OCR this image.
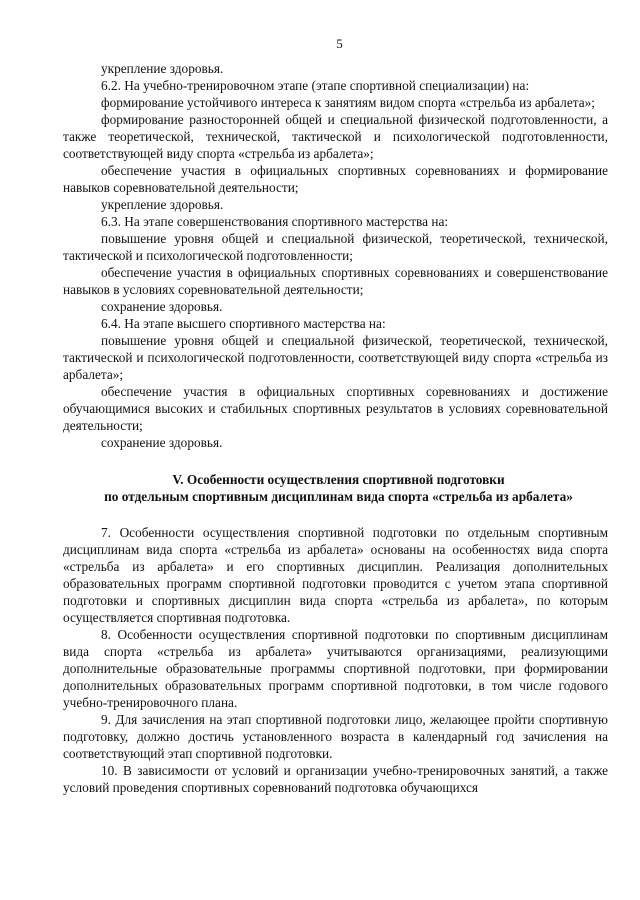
5

укрепление здоровья.

6.2. На учебно-тренировочном этапе (этапе спортивной специализации) на:

формирование устойчивого интереса к занятиям видом спорта «стрельба из арбалета»;

формирование разносторонней общей и специальной физической подготовленности, а также теоретической, технической, тактической и психологической подготовленности, соответствующей виду спорта «стрельба из арбалета»;

обеспечение участия в официальных спортивных соревнованиях и формирование навыков соревновательной деятельности;

укрепление здоровья.

6.3. На этапе совершенствования спортивного мастерства на:

повышение уровня общей и специальной физической, теоретической, технической, тактической и психологической подготовленности;

обеспечение участия в официальных спортивных соревнованиях и совершенствование навыков в условиях соревновательной деятельности;

сохранение здоровья.

6.4. На этапе высшего спортивного мастерства на:

повышение уровня общей и специальной физической, теоретической, технической, тактической и психологической подготовленности, соответствующей виду спорта «стрельба из арбалета»;

обеспечение участия в официальных спортивных соревнованиях и достижение обучающимися высоких и стабильных спортивных результатов в условиях соревновательной деятельности;

сохранение здоровья.

V. Особенности осуществления спортивной подготовки

по отдельным спортивным дисциплинам вида спорта «стрельба из арбалета»

7. Особенности осуществления спортивной подготовки по отдельным спортивным дисциплинам вида спорта «стрельба из арбалета» основаны на особенностях вида спорта «стрельба из арбалета» и его спортивных дисциплин. Реализация дополнительных образовательных программ спортивной подготовки проводится с учетом этапа спортивной подготовки и спортивных дисциплин вида спорта «стрельба из арбалета», по которым осуществляется спортивная подготовка.

8. Особенности осуществления спортивной подготовки по спортивным дисциплинам вида спорта «стрельба из арбалета» учитываются организациями, реализующими дополнительные образовательные программы спортивной подготовки, при формировании дополнительных образовательных программ спортивной подготовки, в том числе годового учебно-тренировочного плана.

9. Для зачисления на этап спортивной подготовки лицо, желающее пройти спортивную подготовку, должно достичь установленного возраста в календарный год зачисления на соответствующий этап спортивной подготовки.

10. В зависимости от условий и организации учебно-тренировочных занятий, а также условий проведения спортивных соревнований подготовка обучающихся
